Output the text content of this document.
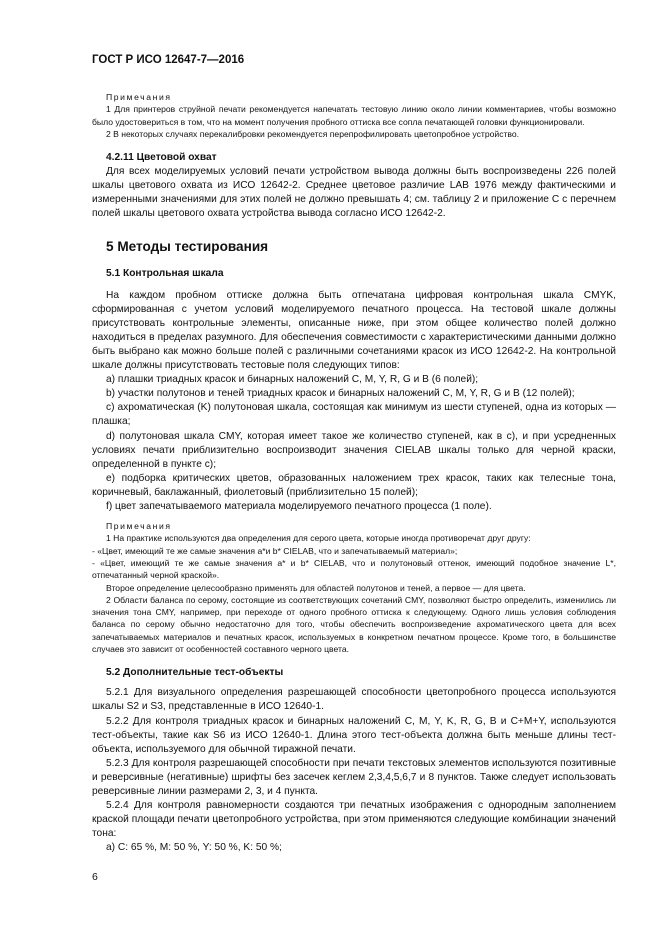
ГОСТ Р ИСО 12647-7—2016

Примечания

1 Для принтеров струйной печати рекомендуется напечатать тестовую линию около линии комментариев, чтобы возможно было удостовериться в том, что на момент получения пробного оттиска все сопла печатающей головки функционировали.

2 В некоторых случаях перекалибровки рекомендуется перепрофилировать цветопробное устройство.

4.2.11 Цветовой охват

Для всех моделируемых условий печати устройством вывода должны быть воспроизведены 226 полей шкалы цветового охвата из ИСО 12642-2. Среднее цветовое различие LAB 1976 между фактическими и измеренными значениями для этих полей не должно превышать 4; см. таблицу 2 и приложение С с перечнем полей шкалы цветового охвата устройства вывода согласно ИСО 12642-2.

5 Методы тестирования
5.1 Контрольная шкала

На каждом пробном оттиске должна быть отпечатана цифровая контрольная шкала CMYK, сформированная с учетом условий моделируемого печатного процесса. На тестовой шкале должны присутствовать контрольные элементы, описанные ниже, при этом общее количество полей должно находиться в пределах разумного. Для обеспечения совместимости с характеристическими данными должно быть выбрано как можно больше полей с различными сочетаниями красок из ИСО 12642-2. На контрольной шкале должны присутствовать тестовые поля следующих типов:

а) плашки триадных красок и бинарных наложений C, M, Y, R, G и B (6 полей);

b) участки полутонов и теней триадных красок и бинарных наложений C, M, Y, R, G и B (12 полей);

c) ахроматическая (K) полутоновая шкала, состоящая как минимум из шести ступеней, одна из которых — плашка;

d) полутоновая шкала CMY, которая имеет такое же количество ступеней, как в c), и при усредненных условиях печати приблизительно воспроизводит значения CIELAB шкалы только для черной краски, определенной в пункте c);

e) подборка критических цветов, образованных наложением трех красок, таких как телесные тона, коричневый, баклажанный, фиолетовый (приблизительно 15 полей);

f) цвет запечатываемого материала моделируемого печатного процесса (1 поле).

Примечания

1 На практике используются два определения для серого цвета, которые иногда противоречат друг другу:

- «Цвет, имеющий те же самые значения a*и b* CIELAB, что и запечатываемый материал»;

- «Цвет, имеющий те же самые значения a* и b* CIELAB, что и полутоновый оттенок, имеющий подобное значение L*, отпечатанный черной краской».

Второе определение целесообразно применять для областей полутонов и теней, а первое — для цвета.

2 Области баланса по серому, состоящие из соответствующих сочетаний CMY, позволяют быстро определить, изменились ли значения тона CMY, например, при переходе от одного пробного оттиска к следующему. Одного лишь условия соблюдения баланса по серому обычно недостаточно для того, чтобы обеспечить воспроизведение ахроматического цвета для всех запечатываемых материалов и печатных красок, используемых в конкретном печатном процессе. Кроме того, в большинстве случаев это зависит от особенностей составного черного цвета.

5.2 Дополнительные тест-объекты

5.2.1 Для визуального определения разрешающей способности цветопробного процесса используются шкалы S2 и S3, представленные в ИСО 12640-1.

5.2.2 Для контроля триадных красок и бинарных наложений C, M, Y, K, R, G, B и C+M+Y, используются тест-объекты, такие как S6 из ИСО 12640-1. Длина этого тест-объекта должна быть меньше длины тест-объекта, используемого для обычной тиражной печати.

5.2.3 Для контроля разрешающей способности при печати текстовых элементов используются позитивные и реверсивные (негативные) шрифты без засечек кеглем 2,3,4,5,6,7 и 8 пунктов. Также следует использовать реверсивные линии размерами 2, 3, и 4 пункта.

5.2.4 Для контроля равномерности создаются три печатных изображения с однородным заполнением краской площади печати цветопробного устройства, при этом применяются следующие комбинации значений тона:

а) C: 65 %, M: 50 %, Y: 50 %, K: 50 %;

6
